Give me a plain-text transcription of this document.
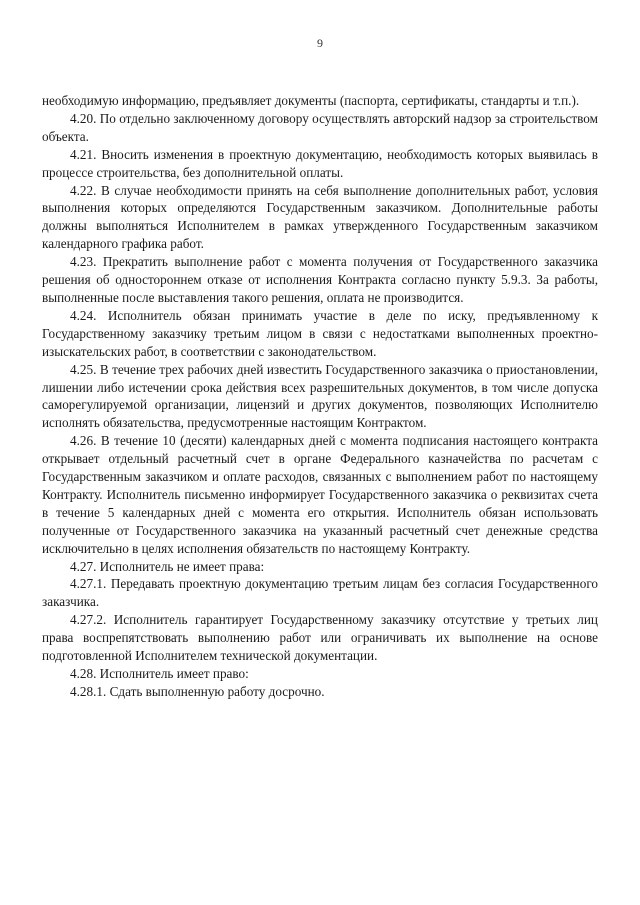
9

необходимую информацию, предъявляет документы (паспорта, сертификаты, стандарты и т.п.).

4.20. По отдельно заключенному договору осуществлять авторский надзор за строительством объекта.

4.21. Вносить изменения в проектную документацию, необходимость которых выявилась в процессе строительства, без дополнительной оплаты.

4.22. В случае необходимости принять на себя выполнение дополнительных работ, условия выполнения которых определяются Государственным заказчиком. Дополнительные работы должны выполняться Исполнителем в рамках утвержденного Государственным заказчиком календарного графика работ.

4.23. Прекратить выполнение работ с момента получения от Государственного заказчика решения об одностороннем отказе от исполнения Контракта согласно пункту 5.9.3. За работы, выполненные после выставления такого решения, оплата не производится.

4.24. Исполнитель обязан принимать участие в деле по иску, предъявленному к Государственному заказчику третьим лицом в связи с недостатками выполненных проектно-изыскательских работ, в соответствии с законодательством.

4.25. В течение трех рабочих дней известить Государственного заказчика о приостановлении, лишении либо истечении срока действия всех разрешительных документов, в том числе допуска саморегулируемой организации, лицензий и других документов, позволяющих Исполнителю исполнять обязательства, предусмотренные настоящим Контрактом.

4.26. В течение 10 (десяти) календарных дней с момента подписания настоящего контракта открывает отдельный расчетный счет в органе Федерального казначейства по расчетам с Государственным заказчиком и оплате расходов, связанных с выполнением работ по настоящему Контракту. Исполнитель письменно информирует Государственного заказчика о реквизитах счета в течение 5 календарных дней с момента его открытия. Исполнитель обязан использовать полученные от Государственного заказчика на указанный расчетный счет денежные средства исключительно в целях исполнения обязательств по настоящему Контракту.

4.27. Исполнитель не имеет права:

4.27.1. Передавать проектную документацию третьим лицам без согласия Государственного заказчика.

4.27.2. Исполнитель гарантирует Государственному заказчику отсутствие у третьих лиц права воспрепятствовать выполнению работ или ограничивать их выполнение на основе подготовленной Исполнителем технической документации.

4.28. Исполнитель имеет право:

4.28.1. Сдать выполненную работу досрочно.
